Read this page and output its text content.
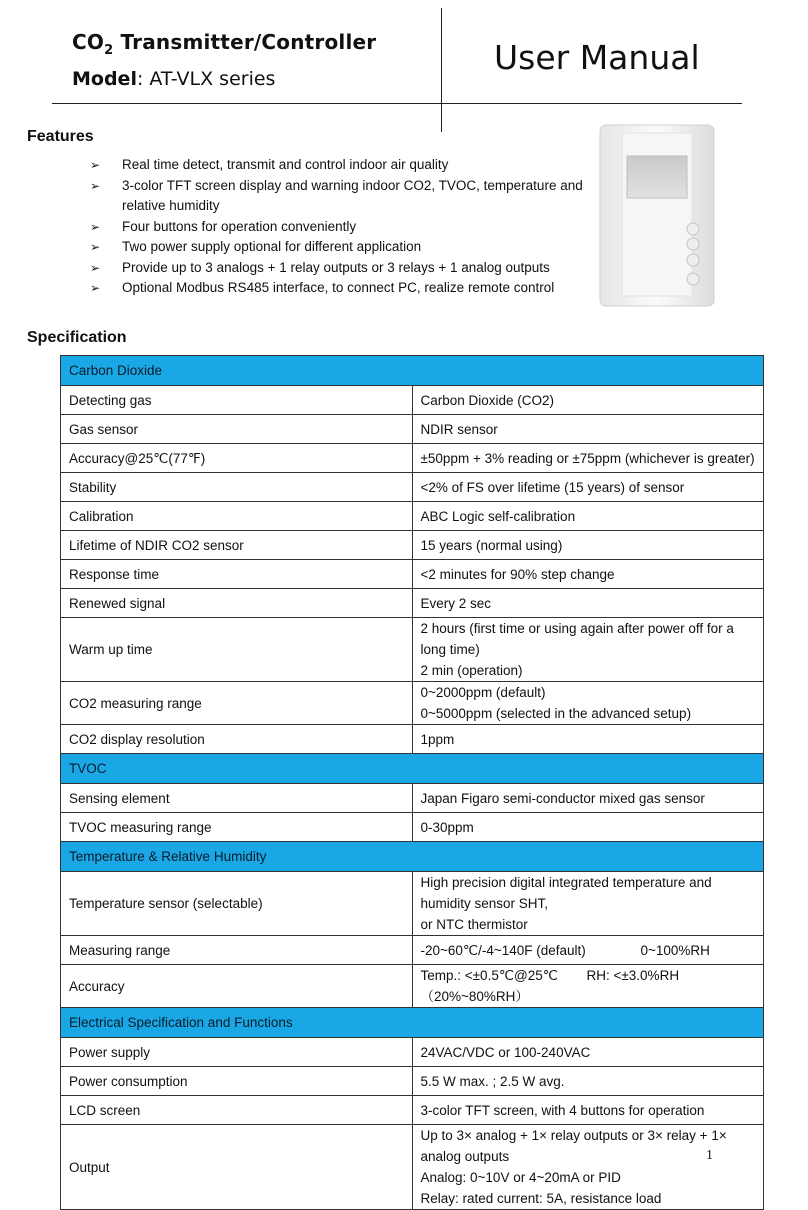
$CO_2$ Transmitter/Controller
Model: AT-VLX series
User Manual
Features
➢ Real time detect, transmit and control indoor air quality
➢ 3-color TFT screen display and warning indoor CO2, TVOC, temperature and relative humidity
➢ Four buttons for operation conveniently
➢ Two power supply optional for different application
➢ Provide up to 3 analogs + 1 relay outputs or 3 relays + 1 analog outputs
➢ Optional Modbus RS485 interface, to connect PC, realize remote control
Specification
Carbon Dioxide	
Detecting gas	Carbon Dioxide (CO2)
Gas sensor	NDIR sensor
Accuracy@25℃(77℉)	±50ppm + 3% reading or ±75ppm (whichever is greater)
Stability	<2% of FS over lifetime (15 years) of sensor
Calibration	ABC Logic self-calibration
Lifetime of NDIR CO2 sensor	15 years (normal using)
Response time	<2 minutes for 90% step change
Renewed signal	Every 2 sec
Warm up time	2 hours (first time or using again after power off for a long time)
2 min (operation)

CO2 measuring range	0~2000ppm (default)
0~5000ppm (selected in the advanced setup)

CO2 display resolution	1ppm
TVOC	
Sensing element	Japan Figaro semi-conductor mixed gas sensor
TVOC measuring range	0-30ppm
Temperature & Relative Humidity	
Temperature sensor (selectable)	High precision digital integrated temperature and humidity sensor SHT,
or NTC thermistor

Measuring range	-20~60℃/-4~140F (default) 0~100%RH
Accuracy	Temp.: <±0.5℃@25℃ RH: <±3.0%RH （20%~80%RH）
Electrical Specification and Functions	
Power supply	24VAC/VDC or 100-240VAC
Power consumption	5.5 W max. ; 2.5 W avg.
LCD screen	3-color TFT screen, with 4 buttons for operation
Output	Up to 3× analog + 1× relay outputs or 3× relay + 1× analog outputs
Analog: 0~10V or 4~20mA or PID
Relay: rated current: 5A, resistance load
1
